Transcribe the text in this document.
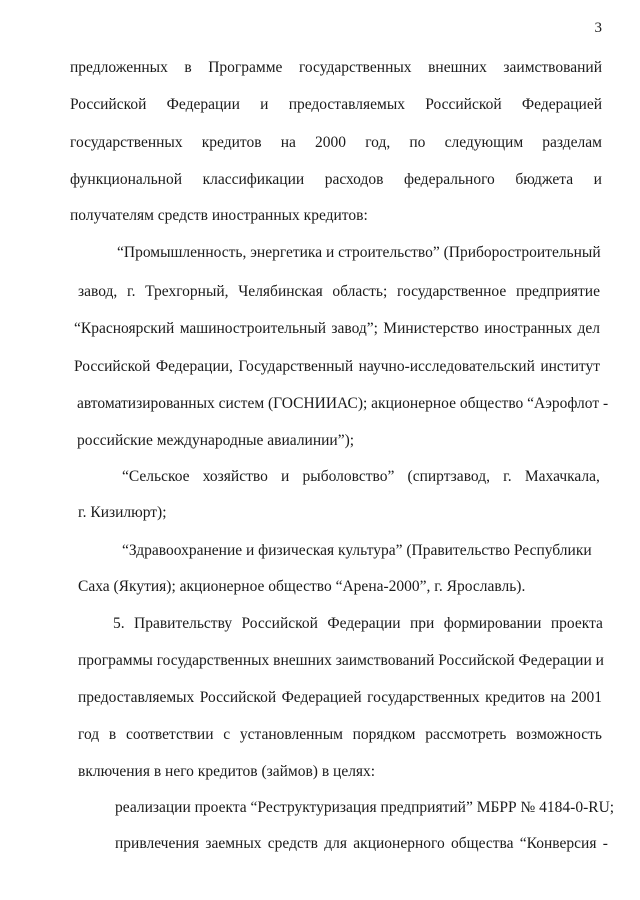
3
предложенных в Программе государственных внешних заимствований
Российской Федерации и предоставляемых Российской Федерацией
государственных кредитов на 2000 год, по следующим разделам
функциональной классификации расходов федерального бюджета и
получателям средств иностранных кредитов:
“Промышленность, энергетика и строительство” (Приборостроительный
завод, г. Трехгорный, Челябинская область; государственное предприятие
“Красноярский машиностроительный завод”; Министерство иностранных дел
Российской Федерации, Государственный научно-исследовательский институт
автоматизированных систем (ГОСНИИАС); акционерное общество “Аэрофлот -
российские международные авиалинии”);
“Сельское хозяйство и рыболовство” (спиртзавод, г. Махачкала,
г. Кизилюрт);
“Здравоохранение и физическая культура” (Правительство Республики
Саха (Якутия); акционерное общество “Арена-2000”, г. Ярославль).
5. Правительству Российской Федерации при формировании проекта
программы государственных внешних заимствований Российской Федерации и
предоставляемых Российской Федерацией государственных кредитов на 2001
год в соответствии с установленным порядком рассмотреть возможность
включения в него кредитов (займов) в целях:
реализации проекта “Реструктуризация предприятий” МБРР № 4184-0-RU;
привлечения заемных средств для акционерного общества “Конверсия -
